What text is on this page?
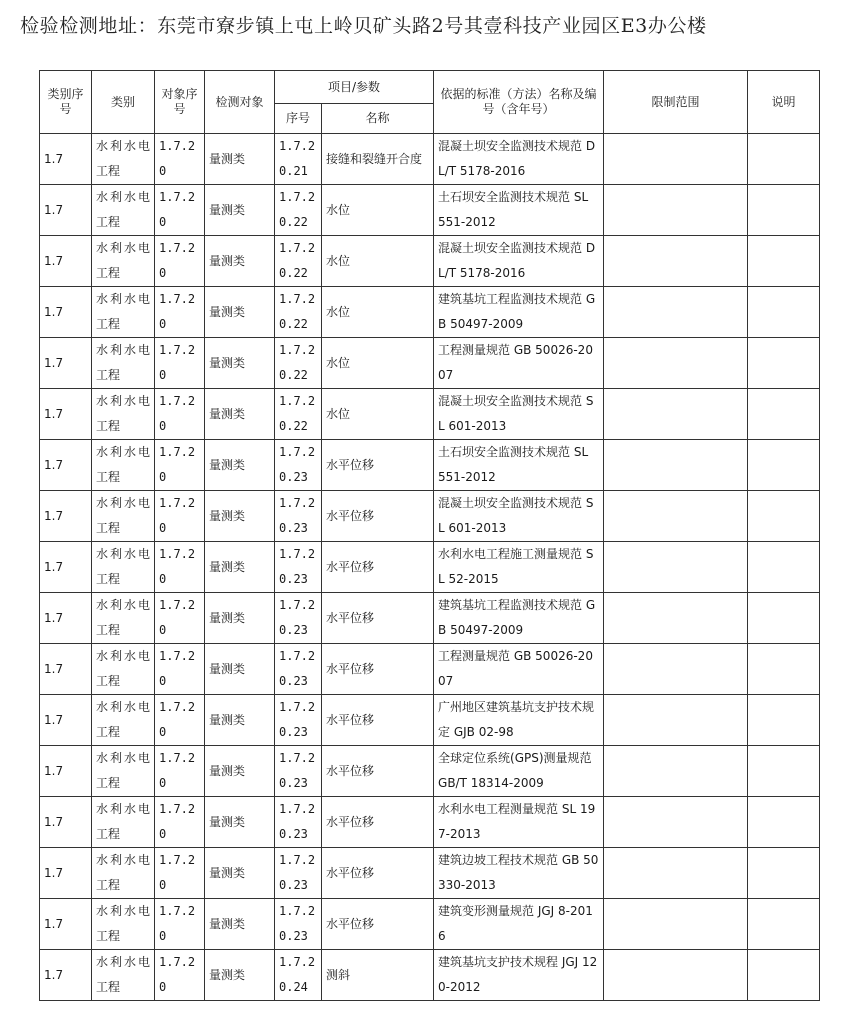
检验检测地址：东莞市寮步镇上屯上岭贝矿头路2号其壹科技产业园区E3办公楼
类别序号	类别	对象序号	检测对象	项目/参数		依据的标准（方法）名称及编号（含年号）	限制范围	说明
				序号	名称			
1.7	水利水电工程	1.7.20	量测类	1.7.20.21	接缝和裂缝开合度	混凝土坝安全监测技术规范 DL/T 5178-2016		
1.7	水利水电工程	1.7.20	量测类	1.7.20.22	水位	土石坝安全监测技术规范 SL 551-2012		
1.7	水利水电工程	1.7.20	量测类	1.7.20.22	水位	混凝土坝安全监测技术规范 DL/T 5178-2016		
1.7	水利水电工程	1.7.20	量测类	1.7.20.22	水位	建筑基坑工程监测技术规范 GB 50497-2009		
1.7	水利水电工程	1.7.20	量测类	1.7.20.22	水位	工程测量规范 GB 50026-2007		
1.7	水利水电工程	1.7.20	量测类	1.7.20.22	水位	混凝土坝安全监测技术规范 SL 601-2013		
1.7	水利水电工程	1.7.20	量测类	1.7.20.23	水平位移	土石坝安全监测技术规范 SL 551-2012		
1.7	水利水电工程	1.7.20	量测类	1.7.20.23	水平位移	混凝土坝安全监测技术规范 SL 601-2013		
1.7	水利水电工程	1.7.20	量测类	1.7.20.23	水平位移	水利水电工程施工测量规范 SL 52-2015		
1.7	水利水电工程	1.7.20	量测类	1.7.20.23	水平位移	建筑基坑工程监测技术规范 GB 50497-2009		
1.7	水利水电工程	1.7.20	量测类	1.7.20.23	水平位移	工程测量规范 GB 50026-2007		
1.7	水利水电工程	1.7.20	量测类	1.7.20.23	水平位移	广州地区建筑基坑支护技术规定 GJB 02-98		
1.7	水利水电工程	1.7.20	量测类	1.7.20.23	水平位移	全球定位系统(GPS)测量规范 GB/T 18314-2009		
1.7	水利水电工程	1.7.20	量测类	1.7.20.23	水平位移	水利水电工程测量规范 SL 197-2013		
1.7	水利水电工程	1.7.20	量测类	1.7.20.23	水平位移	建筑边坡工程技术规范 GB 50330-2013		
1.7	水利水电工程	1.7.20	量测类	1.7.20.23	水平位移	建筑变形测量规范 JGJ 8-2016		
1.7	水利水电工程	1.7.20	量测类	1.7.20.24	测斜	建筑基坑支护技术规程 JGJ 120-2012		
